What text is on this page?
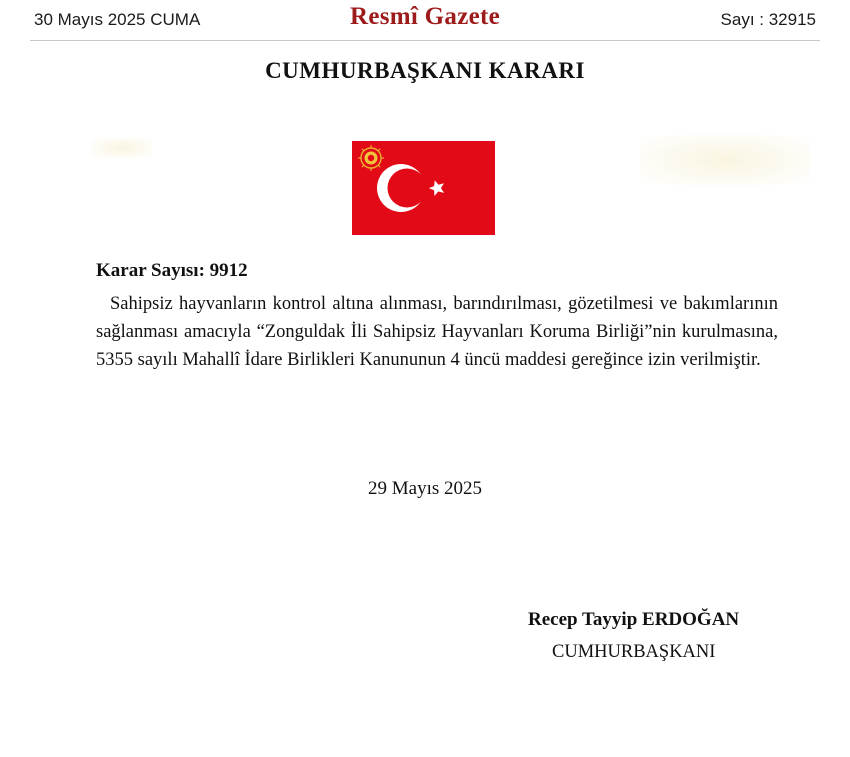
30 Mayıs 2025 CUMA	Resmî Gazete	Sayı : 32915
CUMHURBAŞKANI KARARI
Karar Sayısı: 9912
Sahipsiz hayvanların kontrol altına alınması, barındırılması, gözetilmesi ve bakımlarının sağlanması amacıyla “Zonguldak İli Sahipsiz Hayvanları Koruma Birliği”nin kurulmasına, 5355 sayılı Mahallî İdare Birlikleri Kanununun 4 üncü maddesi gereğince izin verilmiştir.
29 Mayıs 2025
Recep Tayyip ERDOĞAN
CUMHURBAŞKANI
